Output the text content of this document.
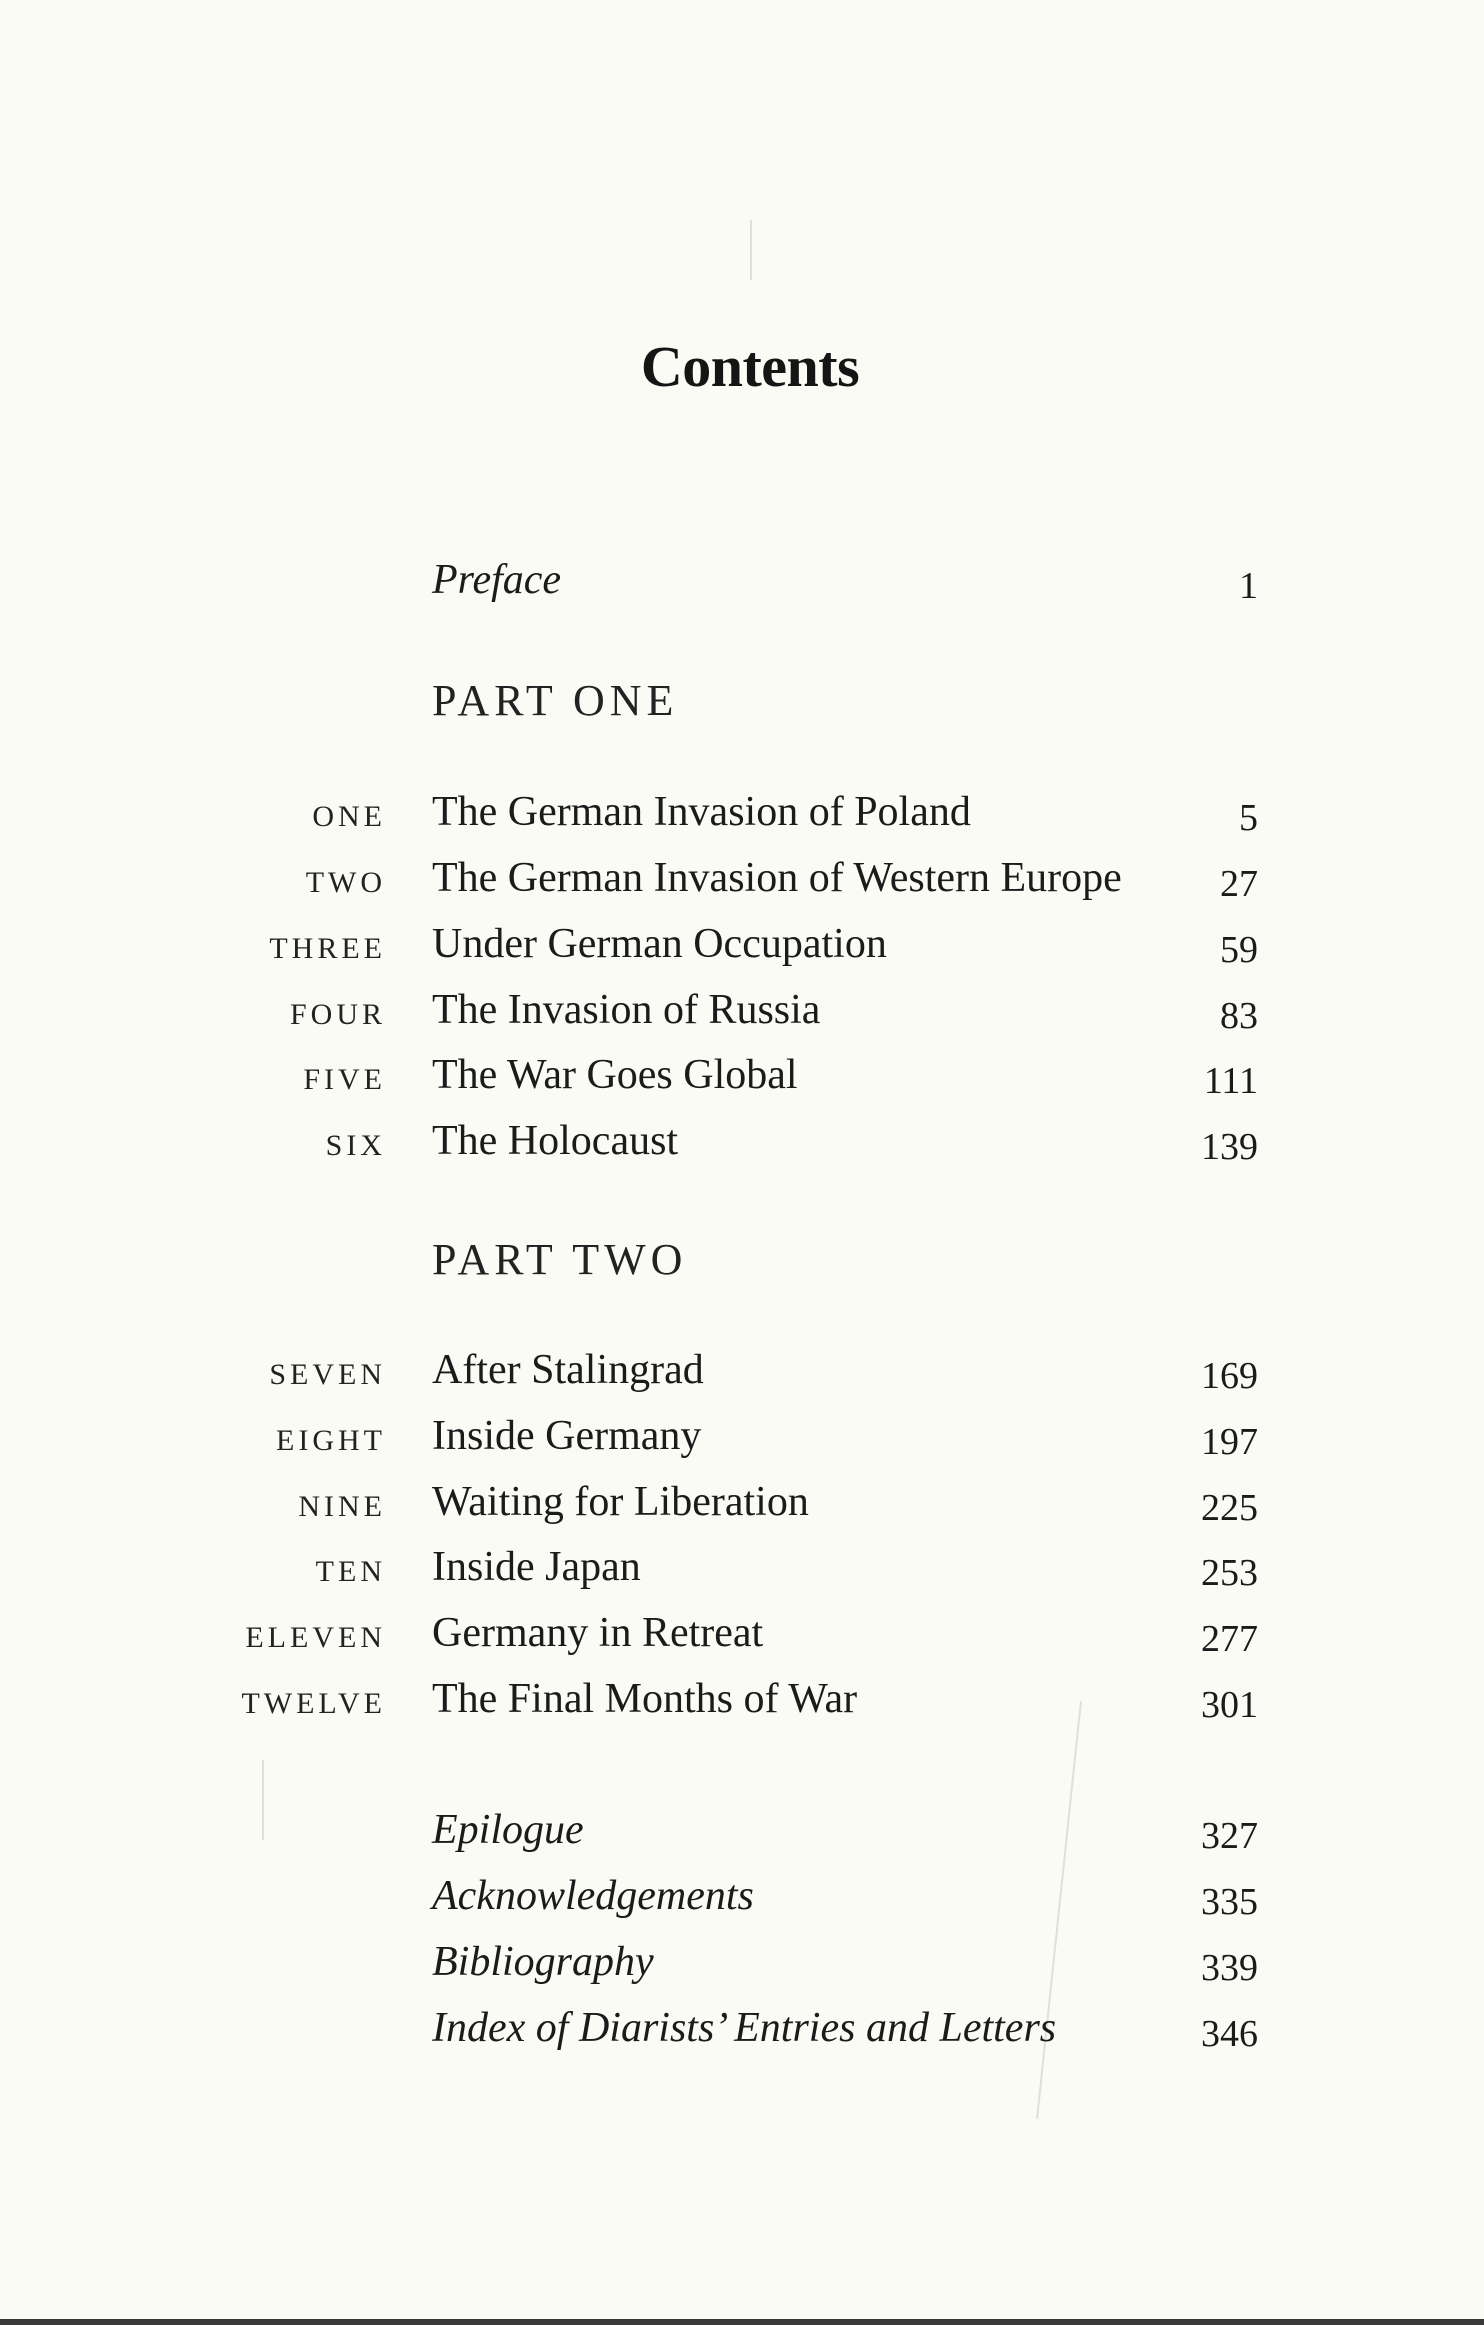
Contents
Preface	1
PART ONE
ONE The German Invasion of Poland	5
TWO The German Invasion of Western Europe	27
THREE Under German Occupation	59
FOUR The Invasion of Russia	83
FIVE The War Goes Global	111
SIX The Holocaust	139
PART TWO
SEVEN After Stalingrad	169
EIGHT Inside Germany	197
NINE Waiting for Liberation	225
TEN Inside Japan	253
ELEVEN Germany in Retreat	277
TWELVE The Final Months of War	301
Epilogue	327
Acknowledgements	335
Bibliography	339
Index of Diarists’ Entries and Letters	346
